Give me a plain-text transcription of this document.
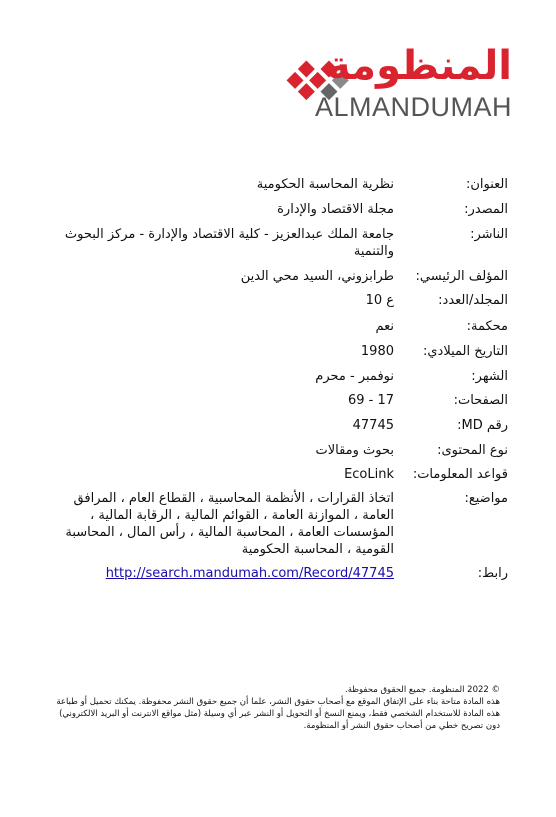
المنظومة
ALMANDUMAH
العنوان:
نظرية المحاسبة الحكومية
المصدر:
مجلة الاقتصاد والإدارة
الناشر:
جامعة الملك عبدالعزيز - كلية الاقتصاد والإدارة - مركز البحوث والتنمية
المؤلف الرئيسي:
طرابزوني، السيد محي الدين
المجلد/العدد:
ع 10
محكمة:
نعم
التاريخ الميلادي:
1980
الشهر:
نوفمبر - محرم
الصفحات:
17 - 69
رقم MD:
47745
نوع المحتوى:
بحوث ومقالات
قواعد المعلومات:
EcoLink
مواضيع:
اتخاذ القرارات ، الأنظمة المحاسبية ، القطاع العام ، المرافق العامة ، الموازنة العامة ، القوائم المالية ، الرقابة المالية ، المؤسسات العامة ، المحاسبة المالية ، رأس المال ، المحاسبة القومية ، المحاسبة الحكومية
رابط:
http://search.mandumah.com/Record/47745
© 2022 المنظومة. جميع الحقوق محفوظة.
هذه المادة متاحة بناء على الإتفاق الموقع مع أصحاب حقوق النشر، علما أن جميع حقوق النشر محفوظة. يمكنك تحميل أو طباعة هذه المادة للاستخدام الشخصي فقط، ويمنع النسخ أو التحويل أو النشر عبر أي وسيلة (مثل مواقع الانترنت أو البريد الالكتروني) دون تصريح خطي من أصحاب حقوق النشر أو المنظومة.
